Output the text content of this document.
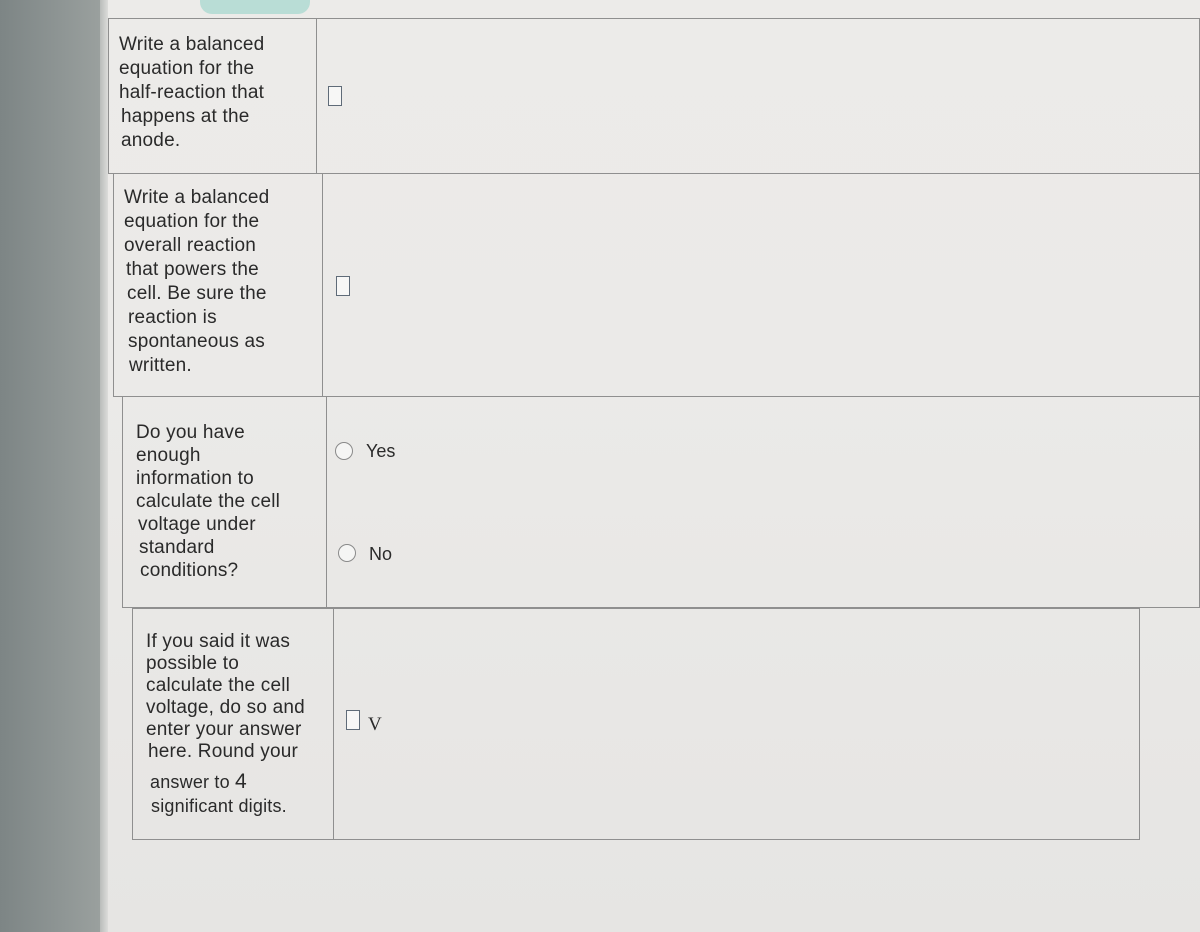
Write a balanced
equation for the
half-reaction that
happens at the
anode.
Write a balanced
equation for the
overall reaction
that powers the
cell. Be sure the
reaction is
spontaneous as
written.
Do you have
enough
information to
calculate the cell
voltage under
standard
conditions?
Yes
No
If you said it was
possible to
calculate the cell
voltage, do so and
enter your answer
here. Round your
answer to 4
significant digits.
V
